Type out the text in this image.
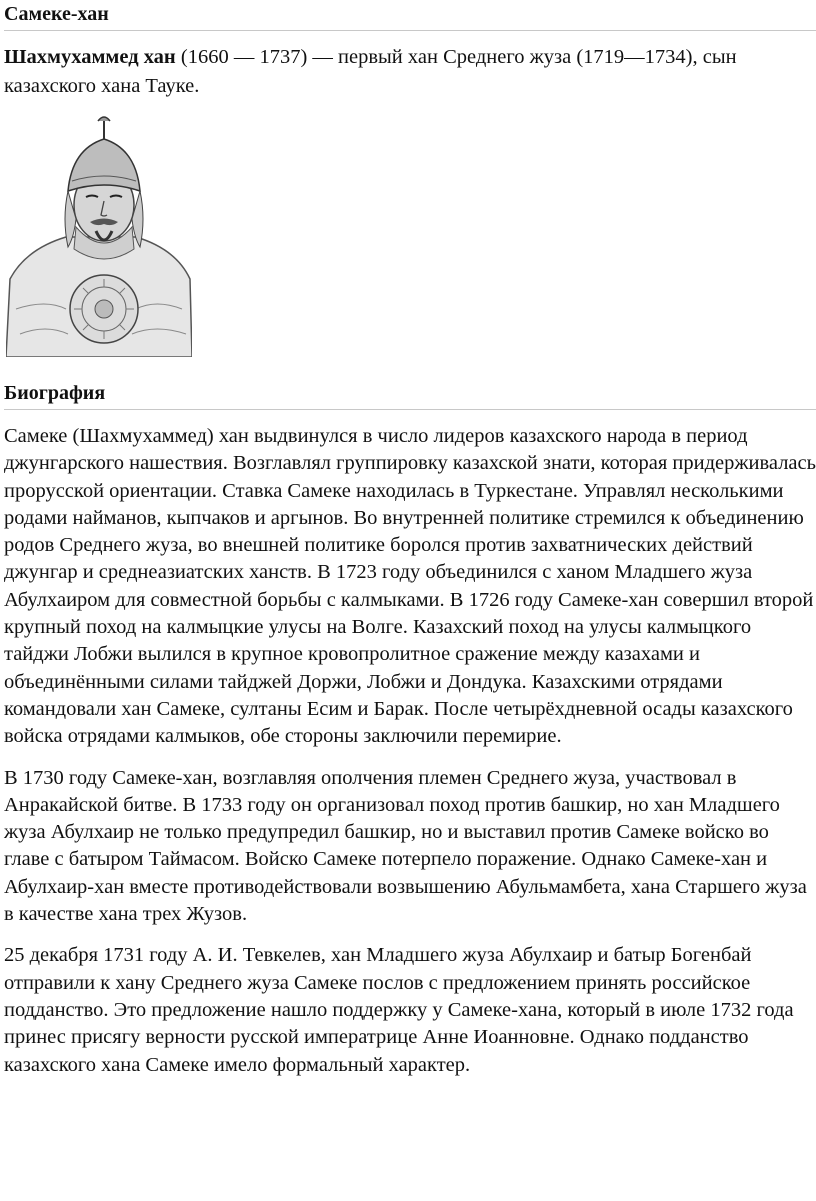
Самеке-хан

Шахмухаммед хан (1660 — 1737) — первый хан Среднего жуза (1719—1734), сын казахского хана Тауке.

Биография

Самеке (Шахмухаммед) хан выдвинулся в число лидеров казахского народа в период джунгарского нашествия. Возглавлял группировку казахской знати, которая придерживалась прорусской ориентации. Ставка Самеке находилась в Туркестане. Управлял несколькими родами найманов, кыпчаков и аргынов. Во внутренней политике стремился к объединению родов Среднего жуза, во внешней политике боролся против захватнических действий джунгар и среднеазиатских ханств. В 1723 году объединился с ханом Младшего жуза Абулхаиром для совместной борьбы с калмыками. В 1726 году Самеке-хан совершил второй крупный поход на калмыцкие улусы на Волге. Казахский поход на улусы калмыцкого тайджи Лобжи вылился в крупное кровопролитное сражение между казахами и объединёнными силами тайджей Доржи, Лобжи и Дондука. Казахскими отрядами командовали хан Самеке, султаны Есим и Барак. После четырёхдневной осады казахского войска отрядами калмыков, обе стороны заключили перемирие.

В 1730 году Самеке-хан, возглавляя ополчения племен Среднего жуза, участвовал в Анракайской битве. В 1733 году он организовал поход против башкир, но хан Младшего жуза Абулхаир не только предупредил башкир, но и выставил против Самеке войско во главе с батыром Таймасом. Войско Самеке потерпело поражение. Однако Самеке-хан и Абулхаир-хан вместе противодействовали возвышению Абульмамбета, хана Старшего жуза в качестве хана трех Жузов.

25 декабря 1731 году А. И. Тевкелев, хан Младшего жуза Абулхаир и батыр Богенбай отправили к хану Среднего жуза Самеке послов с предложением принять российское подданство. Это предложение нашло поддержку у Самеке-хана, который в июле 1732 года принес присягу верности русской императрице Анне Иоанновне. Однако подданство казахского хана Самеке имело формальный характер.
